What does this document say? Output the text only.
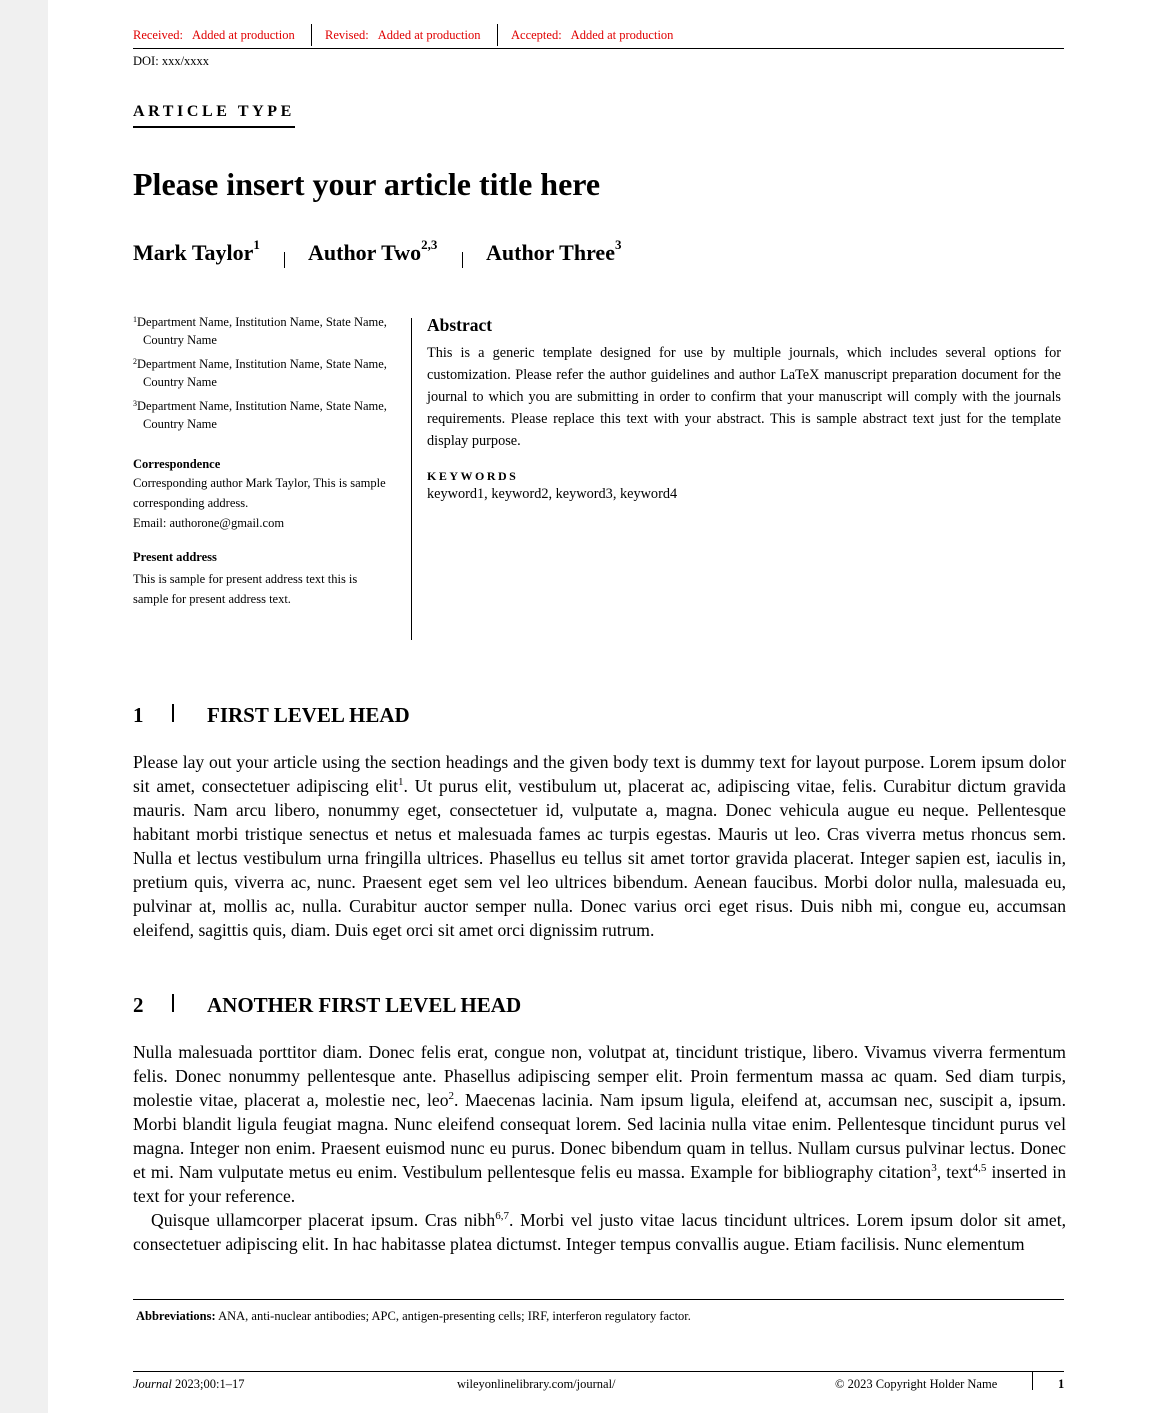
Received: Added at production Revised: Added at production Accepted: Added at production
DOI: xxx/xxxx
ARTICLE TYPE
Please insert your article title here
Mark Taylor$^1$ Author Two$^{2,3}$ Author Three$^3$
$^1$Department Name, Institution Name, State Name,
Country Name
$^2$Department Name, Institution Name, State Name,
Country Name
$^3$Department Name, Institution Name, State Name,
Country Name
Correspondence
Corresponding author Mark Taylor, This is sample
corresponding address.
Email: authorone@gmail.com
Present address
This is sample for present address text this is
sample for present address text.
Abstract

This is a generic template designed for use by multiple journals, which includes several options for customization. Please refer the author guidelines and author LaTeX manuscript preparation document for the journal to which you are submitting in order to confirm that your manuscript will comply with the journals requirements. Please replace this text with your abstract. This is sample abstract text just for the template display purpose.

KEYWORDS
keyword1, keyword2, keyword3, keyword4
1	FIRST LEVEL HEAD

Please lay out your article using the section headings and the given body text is dummy text for layout purpose. Lorem ipsum dolor sit amet, consectetuer adipiscing elit$^1$. Ut purus elit, vestibulum ut, placerat ac, adipiscing vitae, felis. Curabitur dictum gravida mauris. Nam arcu libero, nonummy eget, consectetuer id, vulputate a, magna. Donec vehicula augue eu neque. Pellentesque habitant morbi tristique senectus et netus et malesuada fames ac turpis egestas. Mauris ut leo. Cras viverra metus rhoncus sem. Nulla et lectus vestibulum urna fringilla ultrices. Phasellus eu tellus sit amet tortor gravida placerat. Integer sapien est, iaculis in, pretium quis, viverra ac, nunc. Praesent eget sem vel leo ultrices bibendum. Aenean faucibus. Morbi dolor nulla, malesuada eu, pulvinar at, mollis ac, nulla. Curabitur auctor semper nulla. Donec varius orci eget risus. Duis nibh mi, congue eu, accumsan eleifend, sagittis quis, diam. Duis eget orci sit amet orci dignissim rutrum.

2	ANOTHER FIRST LEVEL HEAD

Nulla malesuada porttitor diam. Donec felis erat, congue non, volutpat at, tincidunt tristique, libero. Vivamus viverra fermentum felis. Donec nonummy pellentesque ante. Phasellus adipiscing semper elit. Proin fermentum massa ac quam. Sed diam turpis, molestie vitae, placerat a, molestie nec, leo$^2$. Maecenas lacinia. Nam ipsum ligula, eleifend at, accumsan nec, suscipit a, ipsum. Morbi blandit ligula feugiat magna. Nunc eleifend consequat lorem. Sed lacinia nulla vitae enim. Pellentesque tincidunt purus vel magna. Integer non enim. Praesent euismod nunc eu purus. Donec bibendum quam in tellus. Nullam cursus pulvinar lectus. Donec et mi. Nam vulputate metus eu enim. Vestibulum pellentesque felis eu massa. Example for bibliography citation$^3$, text$^{4,5}$ inserted in text for your reference.

Quisque ullamcorper placerat ipsum. Cras nibh$^{6,7}$. Morbi vel justo vitae lacus tincidunt ultrices. Lorem ipsum dolor sit amet, consectetuer adipiscing elit. In hac habitasse platea dictumst. Integer tempus convallis augue. Etiam facilisis. Nunc elementum

Abbreviations: ANA, anti-nuclear antibodies; APC, antigen-presenting cells; IRF, interferon regulatory factor.
Journal 2023;00:1–17	wileyonlinelibrary.com/journal/	© 2023 Copyright Holder Name	1
